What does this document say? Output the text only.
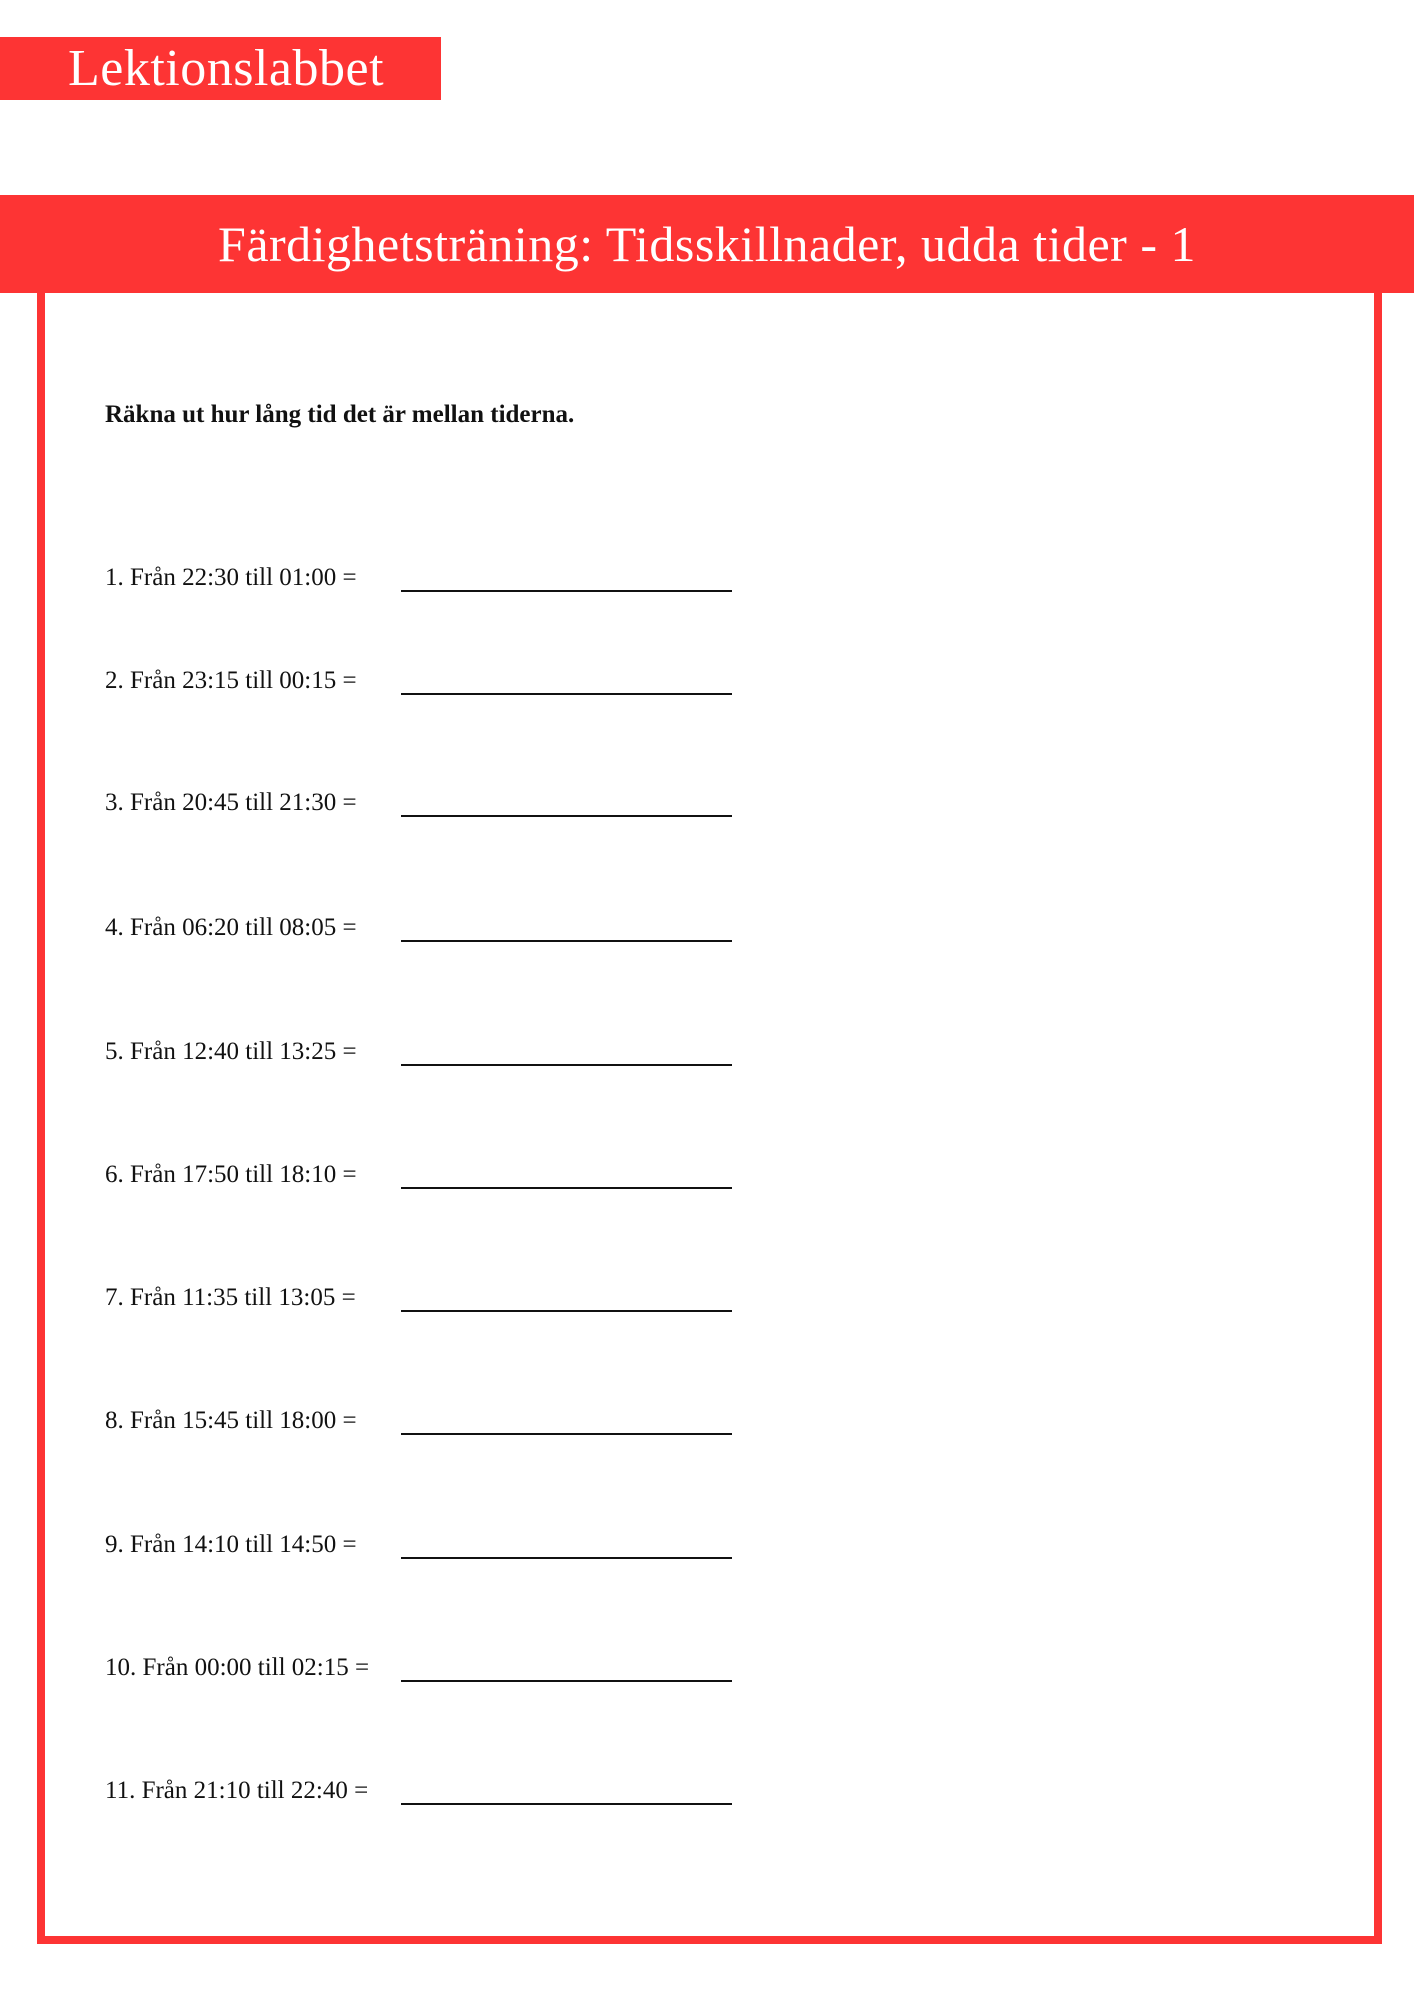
Lektionslabbet
Färdighetsträning: Tidsskillnader, udda tider - 1
Räkna ut hur lång tid det är mellan tiderna.
1. Från 22:30 till 01:00 =
2. Från 23:15 till 00:15 =
3. Från 20:45 till 21:30 =
4. Från 06:20 till 08:05 =
5. Från 12:40 till 13:25 =
6. Från 17:50 till 18:10 =
7. Från 11:35 till 13:05 =
8. Från 15:45 till 18:00 =
9. Från 14:10 till 14:50 =
10. Från 00:00 till 02:15 =
11. Från 21:10 till 22:40 =
